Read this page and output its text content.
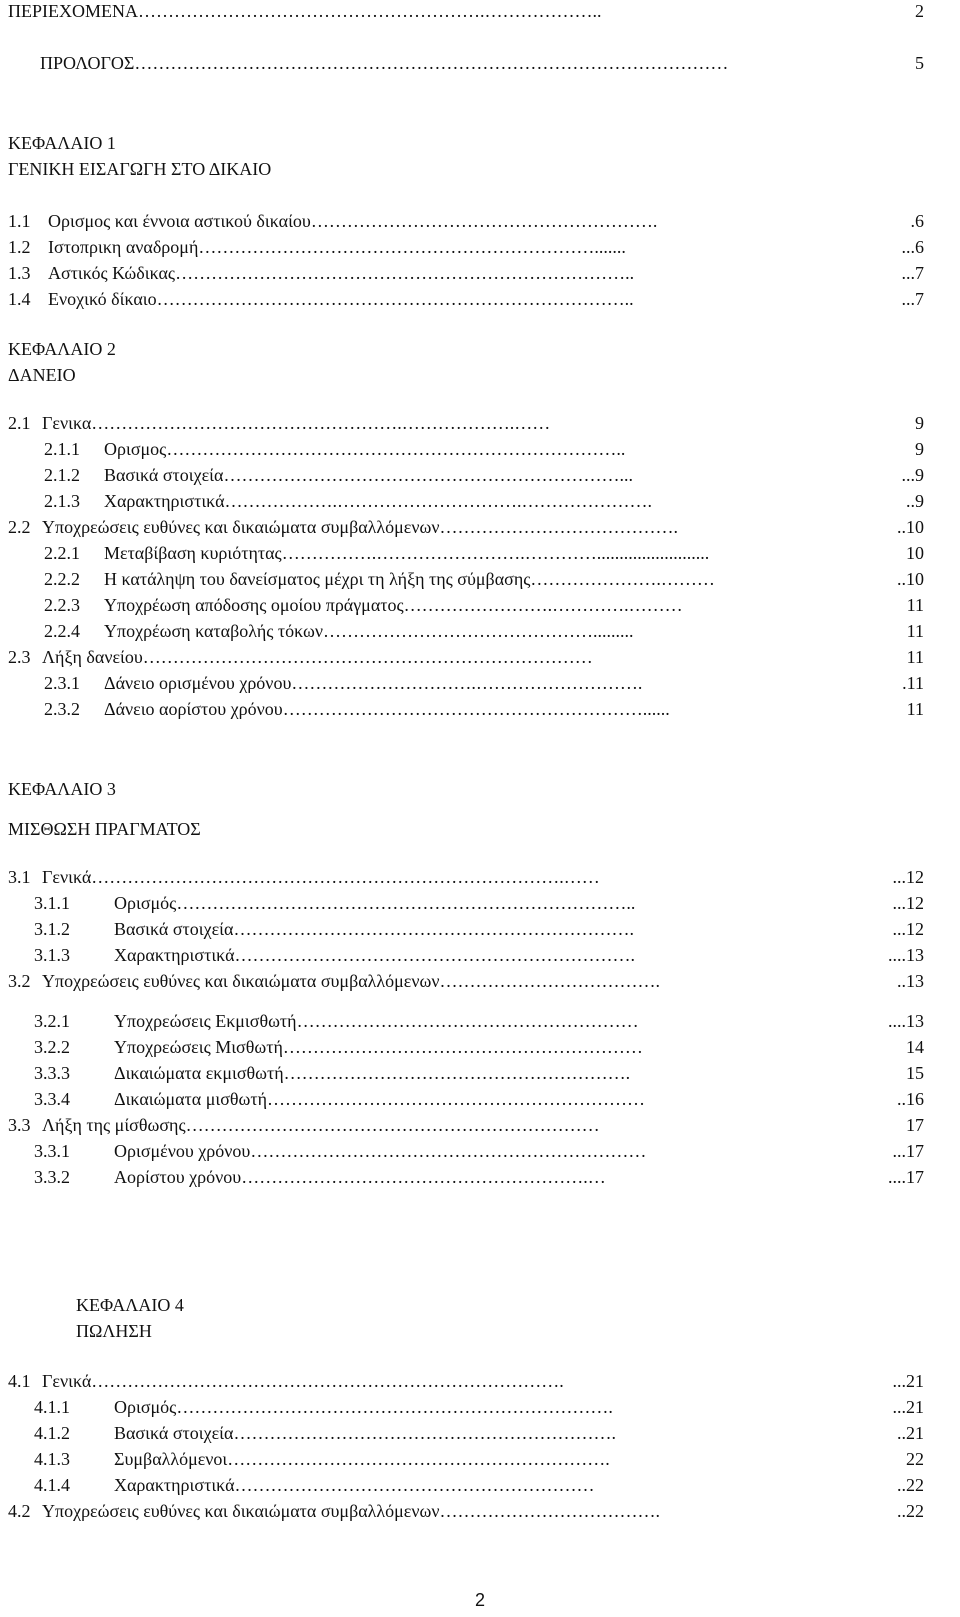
ΠΕΡΙΕΧΟΜΕΝΑ ………………………………………………….………………..	2
ΠΡΟΛΟΓΟΣ ………………………………………………………………………………………	5
ΚΕΦΑΛΑΙΟ 1
ΓΕΝΙΚΗ ΕΙΣΑΓΩΓΗ ΣΤΟ ΔΙΚΑΙΟ
1.1 Ορισμος και έννοια αστικού δικαίου ………………………………………………….	.6
1.2 Ιστοπρικη αναδρομή ………………………………………………………….......	...6
1.3 Αστικός Κώδικας …………………………………………………………………..	...7
1.4 Ενοχικό δίκαιο ……………………………………………………………………..	...7
ΚΕΦΑΛΑΙΟ 2
ΔΑΝΕΙΟ
2.1 Γενικα …………………………………………….……………….……	9
2.1.1	Ορισμος …………………………………………………………………..	9
2.1.2	Βασικά στοιχεία …………………………………………………………...	...9
2.1.3	Χαρακτηριστικά ……………….………………………….………………….	..9
2.2 Υποχρεώσεις ευθύνες και δικαιώματα συμβαλλόμενων ………………………………….	..10
2.2.1	Μεταβίβαση κυριότητας …………….…………………….………….........................	10
2.2.2	Η κατάληψη του δανείσματος μέχρι τη λήξη της σύμβασης ………………….………	..10
2.2.3	Υποχρέωση απόδοσης ομοίου πράγματος …………………….………….………	11
2.2.4	Υποχρέωση καταβολής τόκων ……………………………………….........	11
2.3 Λήξη δανείου …………………………………………………………………	11
2.3.1	Δάνειο ορισμένου χρόνου ………………………….……………………….	.11
2.3.2	Δάνειο αορίστου χρόνου ……………………………………………………......	11
ΚΕΦΑΛΑΙΟ 3
ΜΙΣΘΩΣΗ ΠΡΑΓΜΑΤΟΣ
3.1 Γενικά …………………………………………………………………….……	...12
3.1.1	Ορισμός …………………………………………………………………..	...12
3.1.2	Βασικά στοιχεία ………………………………………………………….	...12
3.1.3	Χαρακτηριστικά ………………………………………………………….	....13
3.2 Υποχρεώσεις ευθύνες και δικαιώματα συμβαλλόμενων ……………………………….	..13
3.2.1	Υποχρεώσεις Εκμισθωτή …………………………………………………	....13
3.2.2	Υποχρεώσεις Μισθωτή ……………………………………………………	14
3.3.3	Δικαιώματα εκμισθωτή ………………………………………………….	15
3.3.4	Δικαιώματα μισθωτή ………………………………………………………	..16
3.3 Λήξη της μίσθωσης ……………………………………………………………	17
3.3.1	Ορισμένου χρόνου …………………………………………………………	...17
3.3.2	Αορίστου χρόνου ………………………………………………….…	....17
ΚΕΦΑΛΑΙΟ 4
ΠΩΛΗΣΗ
4.1 Γενικά …………………………………………………………………….	...21
4.1.1	Ορισμός ……………………………………………………………….	...21
4.1.2	Βασικά στοιχεία ……………………………………………………….	..21
4.1.3	Συμβαλλόμενοι ……………………………………………………….	22
4.1.4	Χαρακτηριστικά ……………………………………………………	..22
4.2 Υποχρεώσεις ευθύνες και δικαιώματα συμβαλλόμενων ……………………………….	..22
2
